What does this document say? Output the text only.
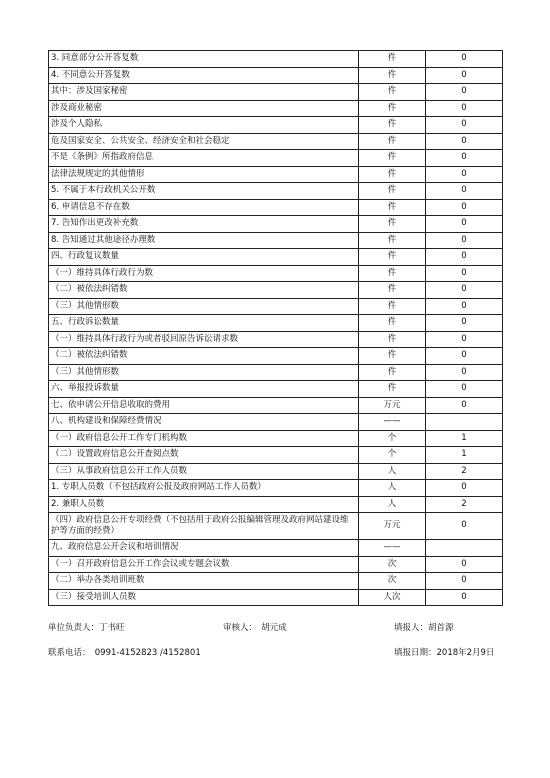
3. 同意部分公开答复数	件	0
4. 不同意公开答复数	件	0
其中：涉及国家秘密	件	0
涉及商业秘密	件	0
涉及个人隐私	件	0
危及国家安全、公共安全、经济安全和社会稳定	件	0
不是《条例》所指政府信息	件	0
法律法规规定的其他情形	件	0
5. 不属于本行政机关公开数	件	0
6. 申请信息不存在数	件	0
7. 告知作出更改补充数	件	0
8. 告知通过其他途径办理数	件	0
四、行政复议数量	件	0
（一）维持具体行政行为数	件	0
（二）被依法纠错数	件	0
（三）其他情形数	件	0
五、行政诉讼数量	件	0
（一）维持具体行政行为或者驳回原告诉讼请求数	件	0
（二）被依法纠错数	件	0
（三）其他情形数	件	0
六、举报投诉数量	件	0
七、依申请公开信息收取的费用	万元	0
八、机构建设和保障经费情况	——	
（一）政府信息公开工作专门机构数	个	1
（二）设置政府信息公开查阅点数	个	1
（三）从事政府信息公开工作人员数	人	2
1. 专职人员数（不包括政府公报及政府网站工作人员数）	人	0
2. 兼职人员数	人	2
（四）政府信息公开专项经费（不包括用于政府公报编辑管理及政府网站建设维护等方面的经费）	万元	0
九、政府信息公开会议和培训情况	——	
（一）召开政府信息公开工作会议或专题会议数	次	0
（二）举办各类培训班数	次	0
（三）接受培训人员数	人次	0
单位负责人：丁书旺	审核人：　胡元成	填报人：胡首源
联系电话：　0991-4152823 /4152801	填报日期：2018年2月9日
